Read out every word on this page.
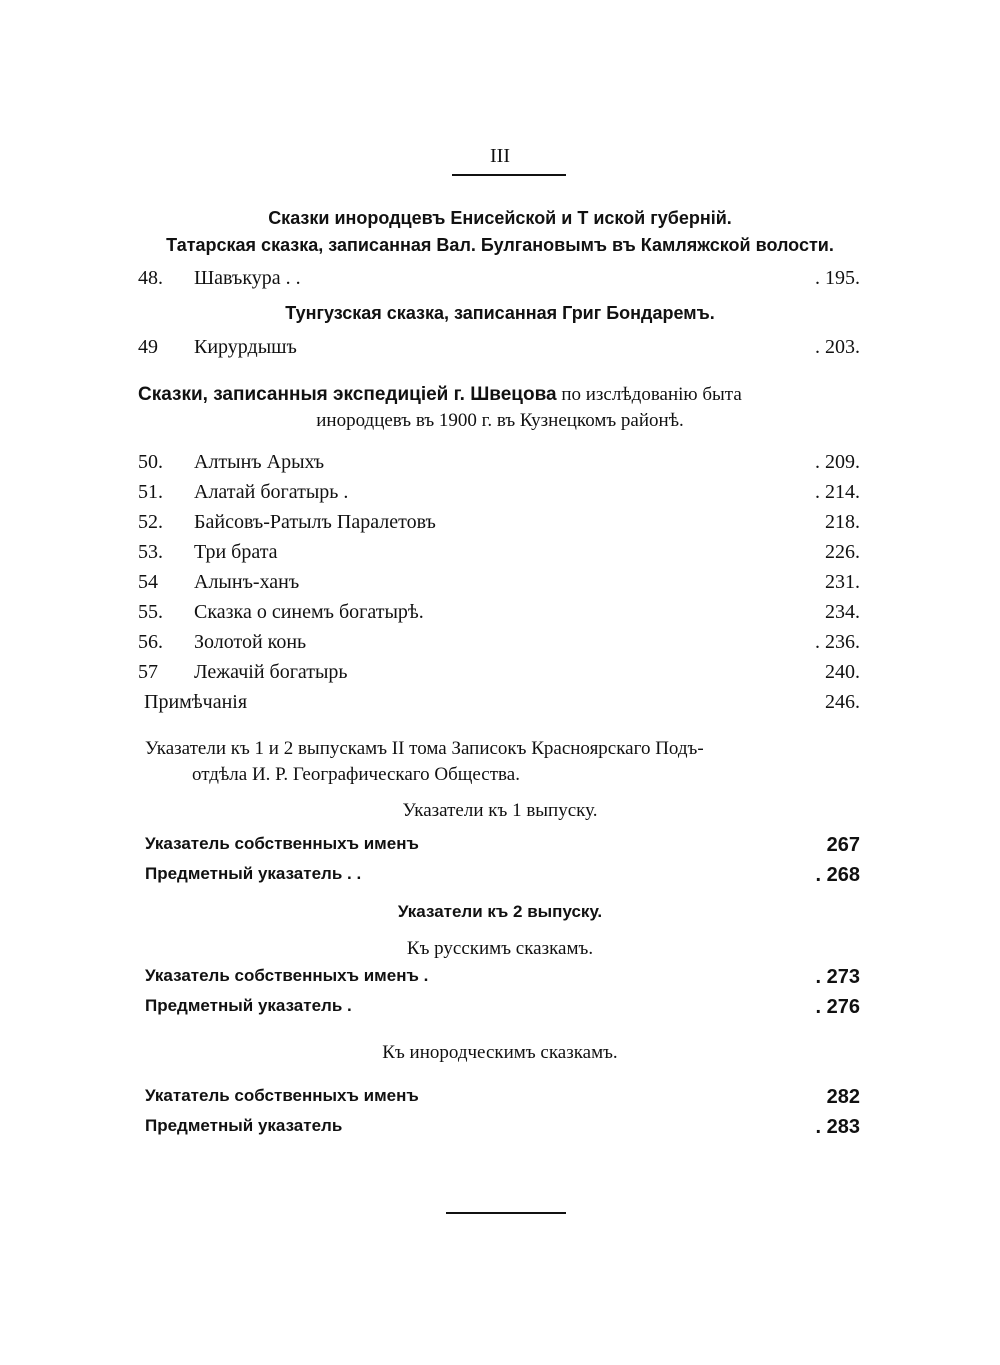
III
Сказки инородцевъ Енисейской и Т иской губерній.
Татарская сказка, записанная Вал. Булгановымъ въ Камляжской волости.
48. Шавъкура . .	. 195.
Тунгузская сказка, записанная Григ Бондаремъ.
49 Кирурдышъ	. 203.
Сказки, записанныя экспедиціей г. Швецова по изслѣдованію быта
инородцевъ въ 1900 г. въ Кузнецкомъ районѣ.
50. Алтынъ Арыхъ	. 209.
51. Алатай богатырь .	. 214.
52. Байсовъ-Ратылъ Паралетовъ	218.
53. Три брата	226.
54 Алынъ-ханъ	231.
55. Сказка о синемъ богатырѣ.	234.
56. Золотой конь	. 236.
57 Лежачій богатырь	240.
Примѣчанія	246.
Указатели къ 1 и 2 выпускамъ II тома Записокъ Красноярскаго Подъ-
отдѣла И. Р. Географическаго Общества.
Указатели къ 1 выпуску.
Указатель собственныхъ именъ	267
Предметный указатель . .	. 268
Указатели къ 2 выпуску.
Къ русскимъ сказкамъ.
Указатель собственныхъ именъ .	. 273
Предметный указатель .	. 276
Къ инородческимъ сказкамъ.
Укататель собственныхъ именъ	282
Предметный указатель	. 283
